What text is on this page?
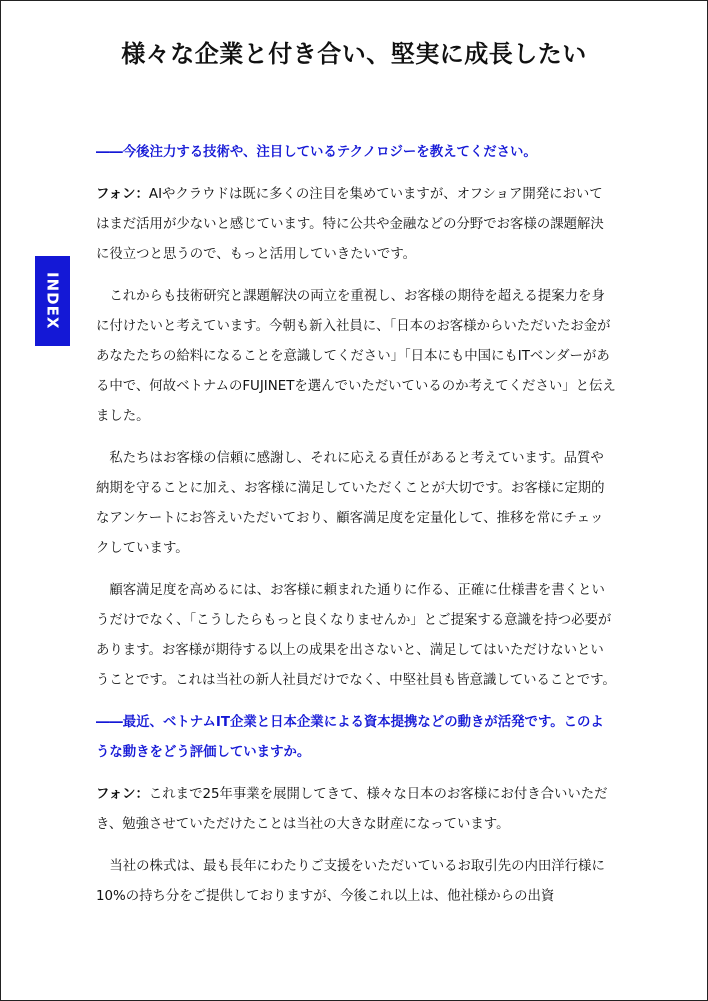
様々な企業と付き合い、堅実に成長したい
INDEX

――今後注力する技術や、注目しているテクノロジーを教えてください。

フォン：AIやクラウドは既に多くの注目を集めていますが、オフショア開発においてはまだ活用が少ないと感じています。特に公共や金融などの分野でお客様の課題解決に役立つと思うので、もっと活用していきたいです。

これからも技術研究と課題解決の両立を重視し、お客様の期待を超える提案力を身に付けたいと考えています。今朝も新入社員に、「日本のお客様からいただいたお金があなたたちの給料になることを意識してください」「日本にも中国にもITベンダーがある中で、何故ベトナムのFUJINETを選んでいただいているのか考えてください」と伝えました。

私たちはお客様の信頼に感謝し、それに応える責任があると考えています。品質や納期を守ることに加え、お客様に満足していただくことが大切です。お客様に定期的なアンケートにお答えいただいており、顧客満足度を定量化して、推移を常にチェックしています。

顧客満足度を高めるには、お客様に頼まれた通りに作る、正確に仕様書を書くというだけでなく、「こうしたらもっと良くなりませんか」とご提案する意識を持つ必要があります。お客様が期待する以上の成果を出さないと、満足してはいただけないということです。これは当社の新人社員だけでなく、中堅社員も皆意識していることです。

――最近、ベトナムIT企業と日本企業による資本提携などの動きが活発です。このような動きをどう評価していますか。

フォン：これまで25年事業を展開してきて、様々な日本のお客様にお付き合いいただき、勉強させていただけたことは当社の大きな財産になっています。

当社の株式は、最も長年にわたりご支援をいただいているお取引先の内田洋行様に10%の持ち分をご提供しておりますが、今後これ以上は、他社様からの出資
